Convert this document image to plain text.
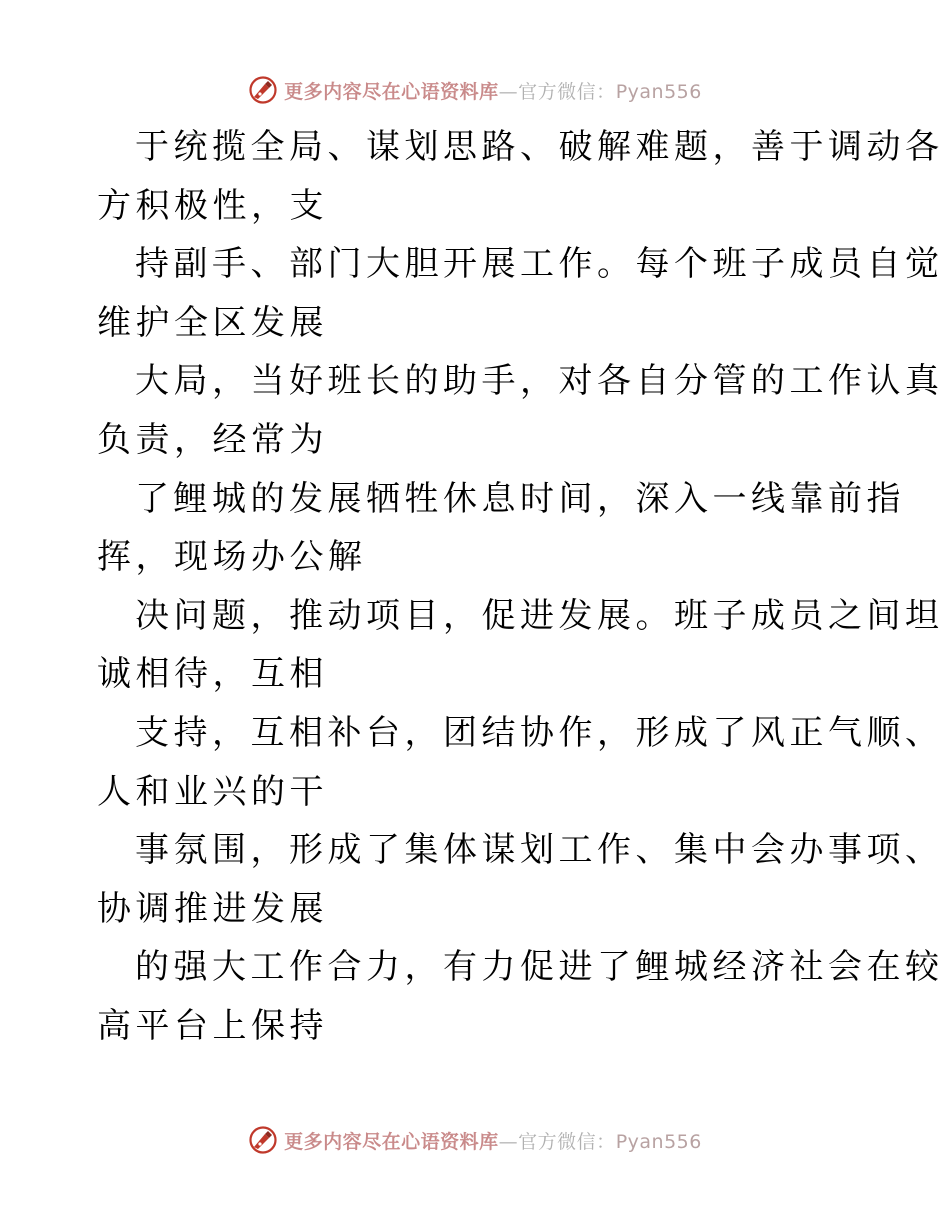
更多内容尽在心语资料库—官方微信：Pyan556
于统揽全局、谋划思路、破解难题，善于调动各
方积极性，支
持副手、部门大胆开展工作。每个班子成员自觉
维护全区发展
大局，当好班长的助手，对各自分管的工作认真
负责，经常为
了鲤城的发展牺牲休息时间，深入一线靠前指
挥，现场办公解
决问题，推动项目，促进发展。班子成员之间坦
诚相待，互相
支持，互相补台，团结协作，形成了风正气顺、
人和业兴的干
事氛围，形成了集体谋划工作、集中会办事项、
协调推进发展
的强大工作合力，有力促进了鲤城经济社会在较
高平台上保持
更多内容尽在心语资料库—官方微信：Pyan556
